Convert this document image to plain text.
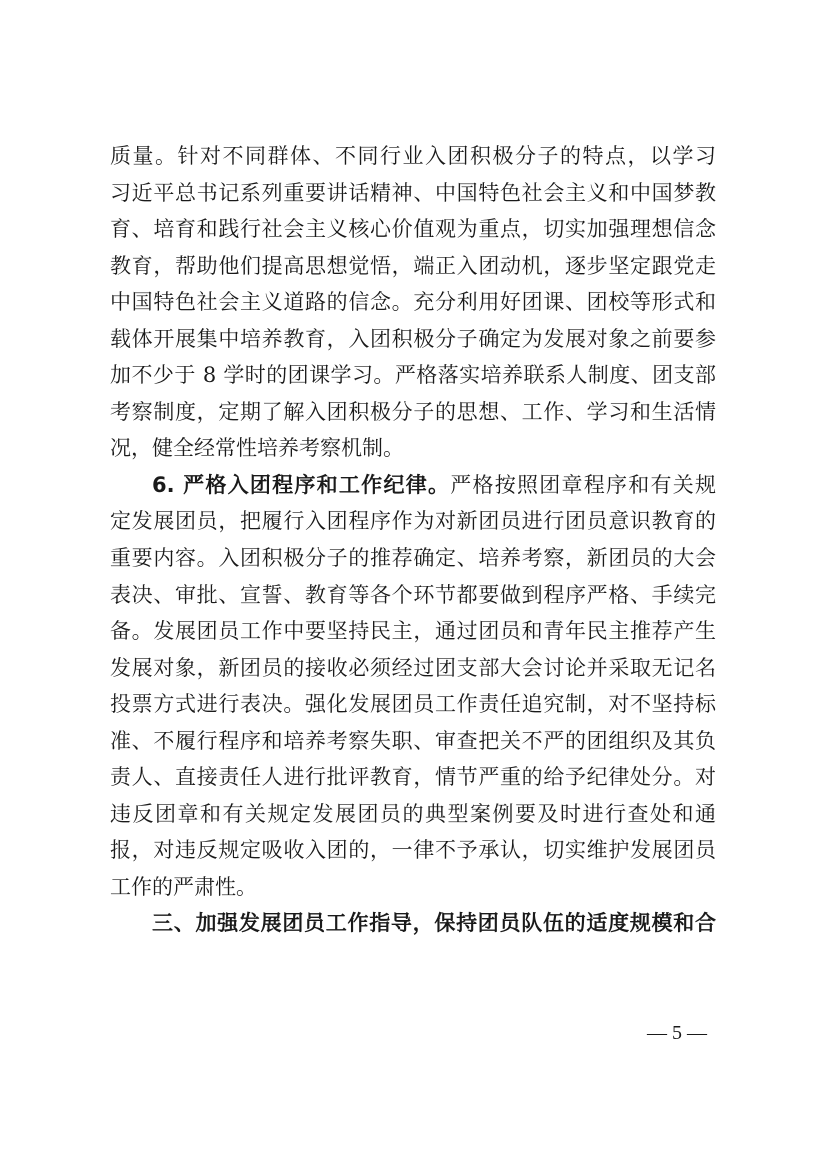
质量。针对不同群体、不同行业入团积极分子的特点，以学习
习近平总书记系列重要讲话精神、中国特色社会主义和中国梦教
育、培育和践行社会主义核心价值观为重点，切实加强理想信念
教育，帮助他们提高思想觉悟，端正入团动机，逐步坚定跟党走
中国特色社会主义道路的信念。充分利用好团课、团校等形式和
载体开展集中培养教育，入团积极分子确定为发展对象之前要参
加不少于 8 学时的团课学习。严格落实培养联系人制度、团支部
考察制度，定期了解入团积极分子的思想、工作、学习和生活情
况，健全经常性培养考察机制。
6. 严格入团程序和工作纪律。严格按照团章程序和有关规
定发展团员，把履行入团程序作为对新团员进行团员意识教育的
重要内容。入团积极分子的推荐确定、培养考察，新团员的大会
表决、审批、宣誓、教育等各个环节都要做到程序严格、手续完
备。发展团员工作中要坚持民主，通过团员和青年民主推荐产生
发展对象，新团员的接收必须经过团支部大会讨论并采取无记名
投票方式进行表决。强化发展团员工作责任追究制，对不坚持标
准、不履行程序和培养考察失职、审查把关不严的团组织及其负
责人、直接责任人进行批评教育，情节严重的给予纪律处分。对
违反团章和有关规定发展团员的典型案例要及时进行查处和通
报，对违反规定吸收入团的，一律不予承认，切实维护发展团员
工作的严肃性。
三、加强发展团员工作指导，保持团员队伍的适度规模和合
— 5 —
